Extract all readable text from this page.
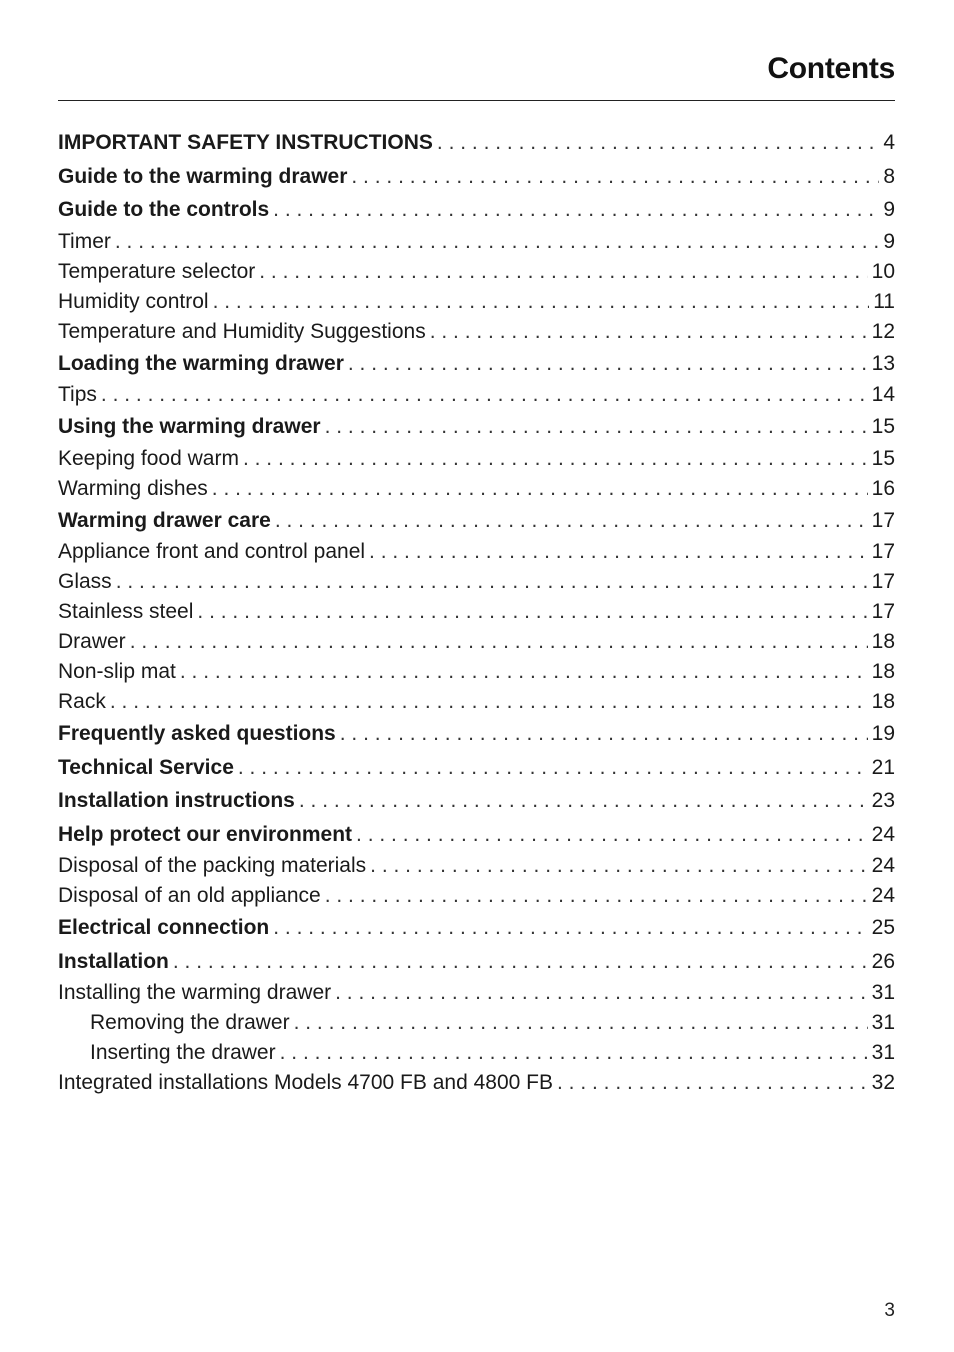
Contents
IMPORTANT SAFETY INSTRUCTIONS . . .	4
Guide to the warming drawer . . .	8
Guide to the controls . . .	9
Timer . . .	9
Temperature selector . . .	10
Humidity control . . .	11
Temperature and Humidity Suggestions . . .	12
Loading the warming drawer . . .	13
Tips . . .	14
Using the warming drawer . . .	15
Keeping food warm . . .	15
Warming dishes . . .	16
Warming drawer care . . .	17
Appliance front and control panel . . .	17
Glass . . .	17
Stainless steel . . .	17
Drawer . . .	18
Non-slip mat . . .	18
Rack . . .	18
Frequently asked questions . . .	19
Technical Service . . .	21
Installation instructions . . .	23
Help protect our environment . . .	24
Disposal of the packing materials . . .	24
Disposal of an old appliance . . .	24
Electrical connection . . .	25
Installation . . .	26
Installing the warming drawer . . .	31
Removing the drawer . . .	31
Inserting the drawer . . .	31
Integrated installations Models 4700 FB and 4800 FB . . .	32
3
